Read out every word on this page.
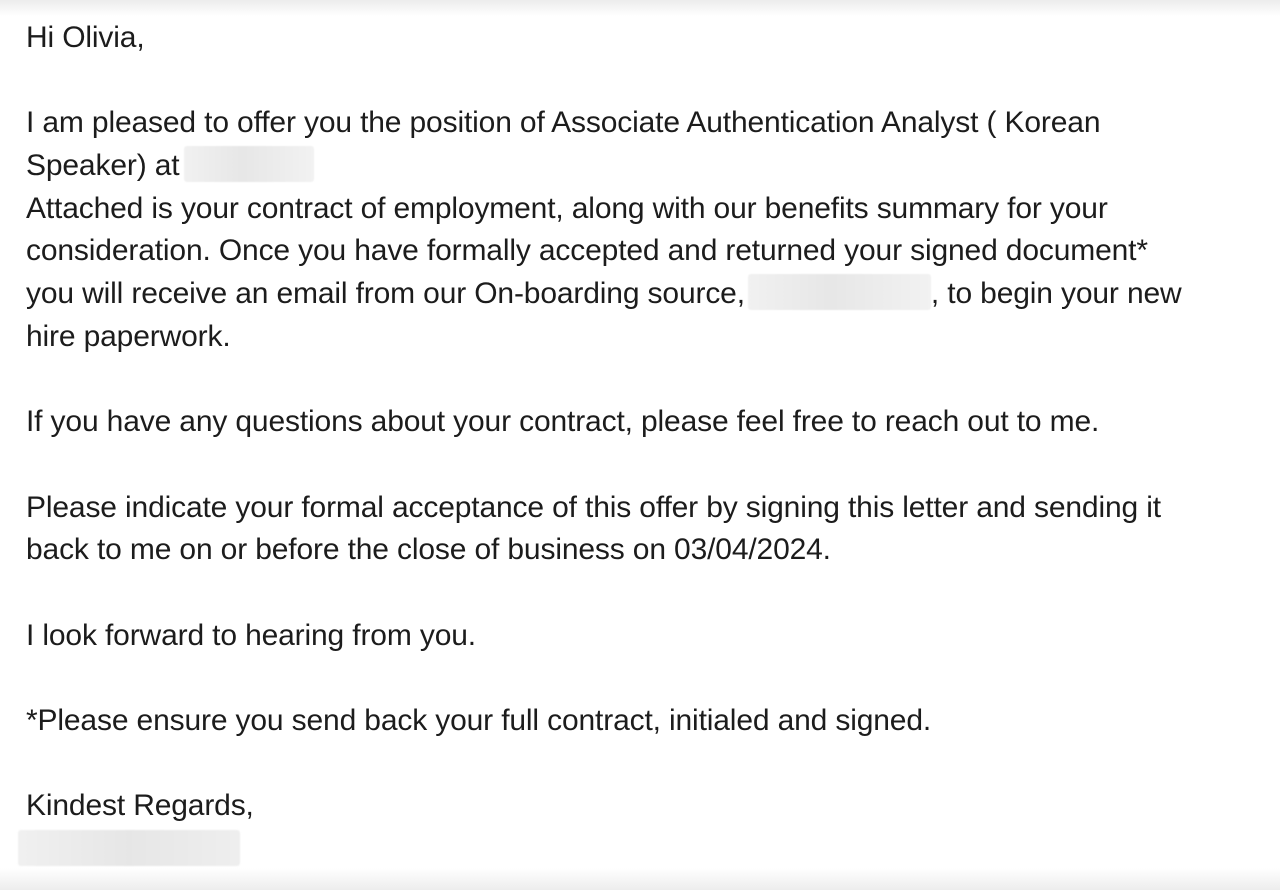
Hi Olivia,
I am pleased to offer you the position of Associate Authentication Analyst ( Korean
Speaker) at
Attached is your contract of employment, along with our benefits summary for your
consideration. Once you have formally accepted and returned your signed document*
you will receive an email from our On-boarding source,	, to begin your new
hire paperwork.
If you have any questions about your contract, please feel free to reach out to me.
Please indicate your formal acceptance of this offer by signing this letter and sending it
back to me on or before the close of business on 03/04/2024.
I look forward to hearing from you.
*Please ensure you send back your full contract, initialed and signed.
Kindest Regards,
